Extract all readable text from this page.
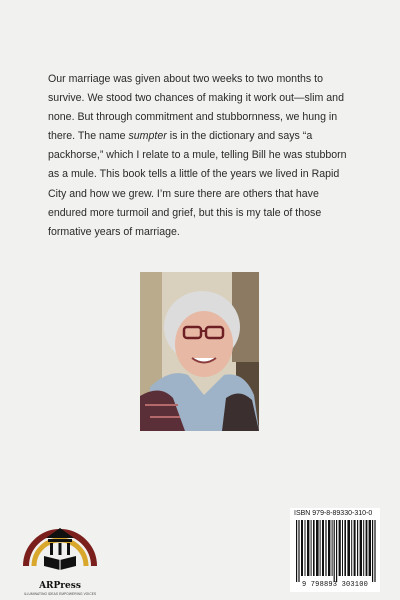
Our marriage was given about two weeks to two months to survive. We stood two chances of making it work out—slim and none. But through commitment and stubbornness, we hung in there. The name sumpter is in the dictionary and says “a packhorse,” which I relate to a mule, telling Bill he was stubborn as a mule. This book tells a little of the years we lived in Rapid City and how we grew. I’m sure there are others that have endured more turmoil and grief, but this is my tale of those formative years of marriage.
ARPress
ILLUMINATING IDEAS EMPOWERING VOICES
ISBN 979-8-89330-310-0
9 798893 303100
